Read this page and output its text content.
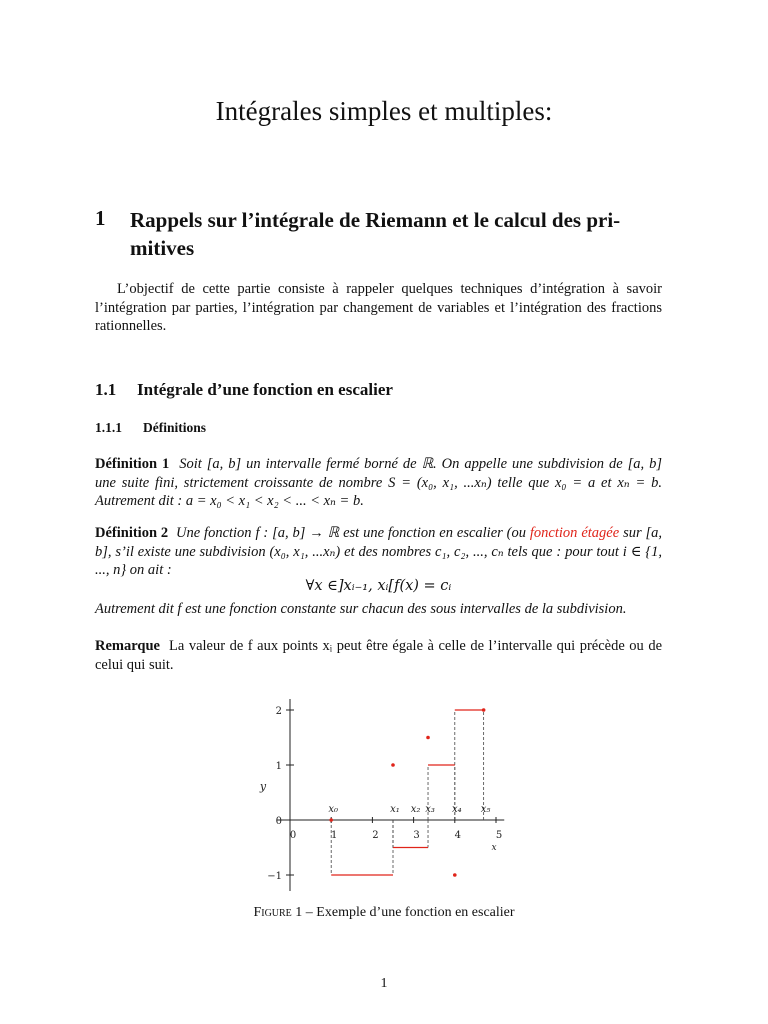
Intégrales simples et multiples:
1 Rappels sur l’intégrale de Riemann et le calcul des pri-
mitives
L’objectif de cette partie consiste à rappeler quelques techniques d’intégration à savoir l’intégration par parties, l’intégration par changement de variables et l’intégration des fractions rationnelles.
1.1 Intégrale d’une fonction en escalier
1.1.1 Définitions
Définition 1 Soit [a, b] un intervalle fermé borné de ℝ. On appelle une subdivision de [a, b] une suite fini, strictement croissante de nombre S = (x₀, x₁, ...xₙ) telle que x₀ = a et xₙ = b. Autrement dit : a = x₀ < x₁ < x₂ < ... < xₙ = b.
Définition 2 Une fonction f : [a, b] → ℝ est une fonction en escalier (ou fonction étagée sur [a, b], s’il existe une subdivision (x₀, x₁, ...xₙ) et des nombres c₁, c₂, ..., cₙ tels que : pour tout i ∈ {1, ..., n} on ait :
∀x ∈]xᵢ₋₁, xᵢ[f(x) = cᵢ
Autrement dit f est une fonction constante sur chacun des sous intervalles de la subdivision.
Remarque La valeur de f aux points xᵢ peut être égale à celle de l’intervalle qui précède ou de celui qui suit.
0	1	2	3	4	5
−1
0
1
2
x
y
x₀	x₁ x₂ x₃ x₄ x₅
Figure 1 – Exemple d’une fonction en escalier
1
